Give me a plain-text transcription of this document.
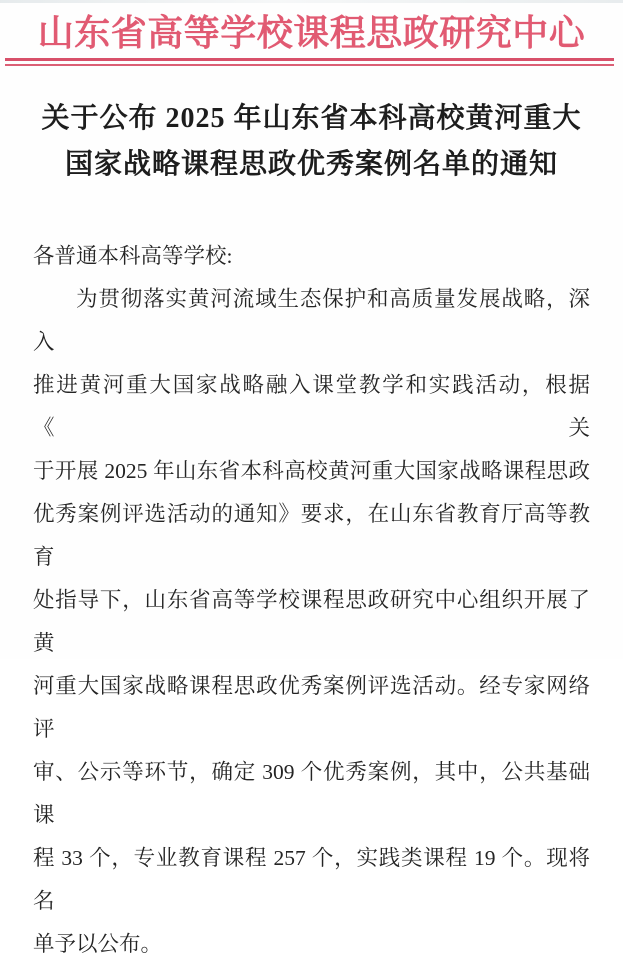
山东省高等学校课程思政研究中心
关于公布 2025 年山东省本科高校黄河重大
国家战略课程思政优秀案例名单的通知
各普通本科高等学校:
为贯彻落实黄河流域生态保护和高质量发展战略，深入
推进黄河重大国家战略融入课堂教学和实践活动，根据《关
于开展 2025 年山东省本科高校黄河重大国家战略课程思政
优秀案例评选活动的通知》要求，在山东省教育厅高等教育
处指导下，山东省高等学校课程思政研究中心组织开展了黄
河重大国家战略课程思政优秀案例评选活动。经专家网络评
审、公示等环节，确定 309 个优秀案例，其中，公共基础课
程 33 个，专业教育课程 257 个，实践类课程 19 个。现将名
单予以公布。
